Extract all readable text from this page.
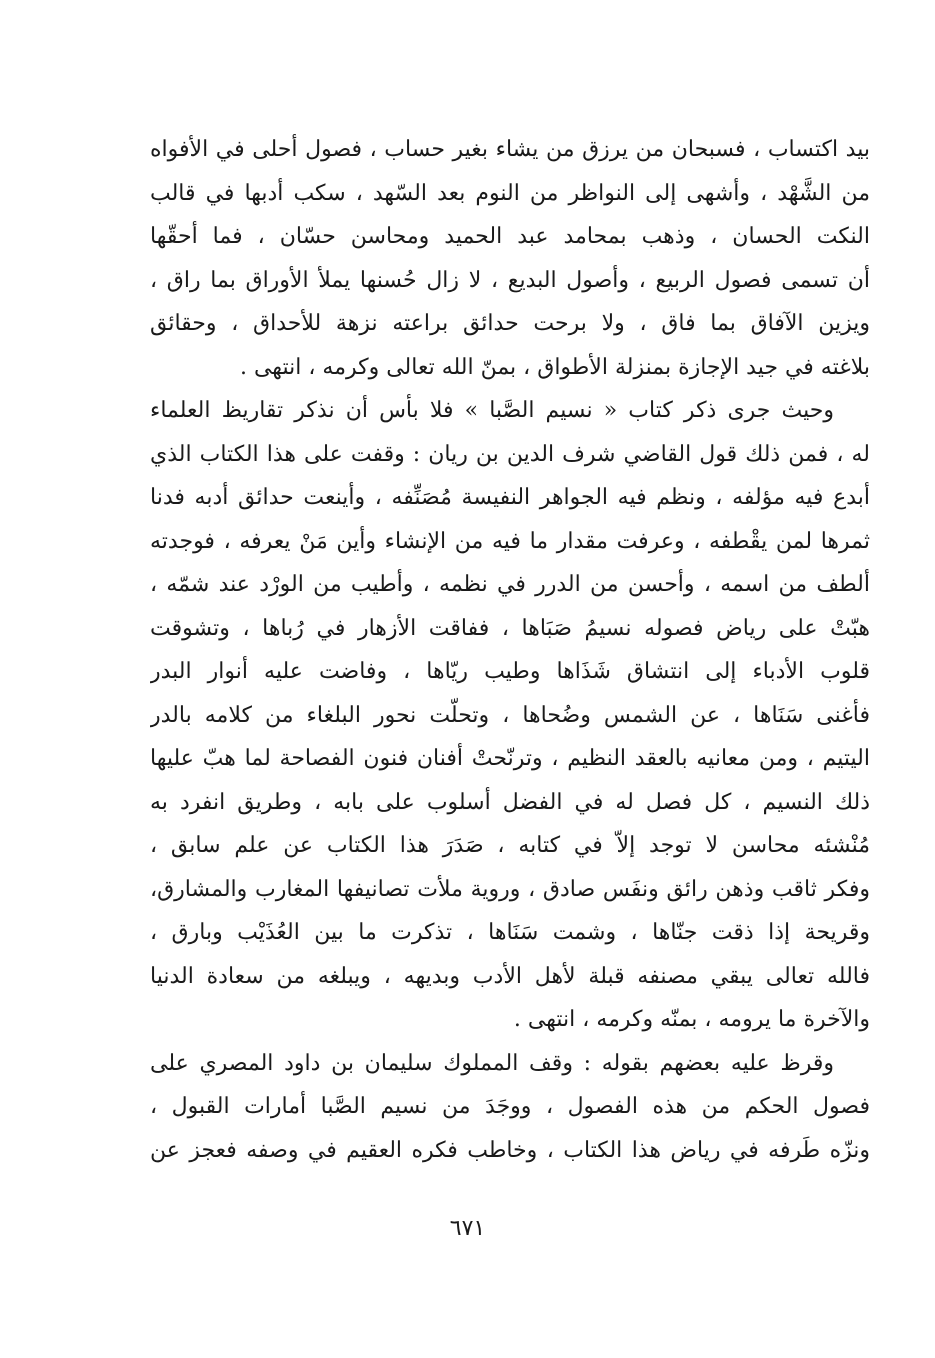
بيد اكتساب ، فسبحان من يرزق من يشاء بغير حساب ، فصول أحلى في الأفواه
من الشَّهْد ، وأشهى إلى النواظر من النوم بعد السّهد ، سكب أدبها في قالب
النكت الحسان ، وذهب بمحامد عبد الحميد ومحاسن حسّان ، فما أحقّها
أن تسمى فصول الربيع ، وأصول البديع ، لا زال حُسنها يملأ الأوراق بما راق ،
ويزين الآفاق بما فاق ، ولا برحت حدائق براعته نزهة للأحداق ، وحقائق
بلاغته في جيد الإجازة بمنزلة الأطواق ، بمنّ الله تعالى وكرمه ، انتهى .
وحيث جرى ذكر كتاب « نسيم الصَّبا » فلا بأس أن نذكر تقاريظ العلماء
له ، فمن ذلك قول القاضي شرف الدين بن ريان : وقفت على هذا الكتاب الذي
أبدع فيه مؤلفه ، ونظم فيه الجواهر النفيسة مُصَنِّفه ، وأينعت حدائق أدبه فدنا
ثمرها لمن يقْطفه ، وعرفت مقدار ما فيه من الإنشاء وأين مَنْ يعرفه ، فوجدته
ألطف من اسمه ، وأحسن من الدرر في نظمه ، وأطيب من الورْد عند شمّه ،
هبّتْ على رياض فصوله نسيمُ صَبَاها ، ففاقت الأزهار في رُباها ، وتشوقت
قلوب الأدباء إلى انتشاق شَذَاها وطيب ريّاها ، وفاضت عليه أنوار البدر
فأغنى سَنَاها ، عن الشمس وضُحاها ، وتحلّت نحور البلغاء من كلامه بالدر
اليتيم ، ومن معانيه بالعقد النظيم ، وترنّحتْ أفنان فنون الفصاحة لما هبّ عليها
ذلك النسيم ، كل فصل له في الفضل أسلوب على بابه ، وطريق انفرد به
مُنْشئه محاسن لا توجد إلاّ في كتابه ، صَدَرَ هذا الكتاب عن علم سابق ،
وفكر ثاقب وذهن رائق ونفَس صادق ، وروية ملأت تصانيفها المغارب والمشارق،
وقريحة إذا ذقت جنّاها ، وشمت سَنَاها ، تذكرت ما بين العُذَيْب وبارق ،
فالله تعالى يبقي مصنفه قبلة لأهل الأدب وبديهه ، ويبلغه من سعادة الدنيا
والآخرة ما يرومه ، بمنّه وكرمه ، انتهى .
وقرظ عليه بعضهم بقوله : وقف المملوك سليمان بن داود المصري على
فصول الحكم من هذه الفصول ، ووجَدَ من نسيم الصَّبا أمارات القبول ،
ونزّه طَرفه في رياض هذا الكتاب ، وخاطب فكره العقيم في وصفه فعجز عن
٦٧١
